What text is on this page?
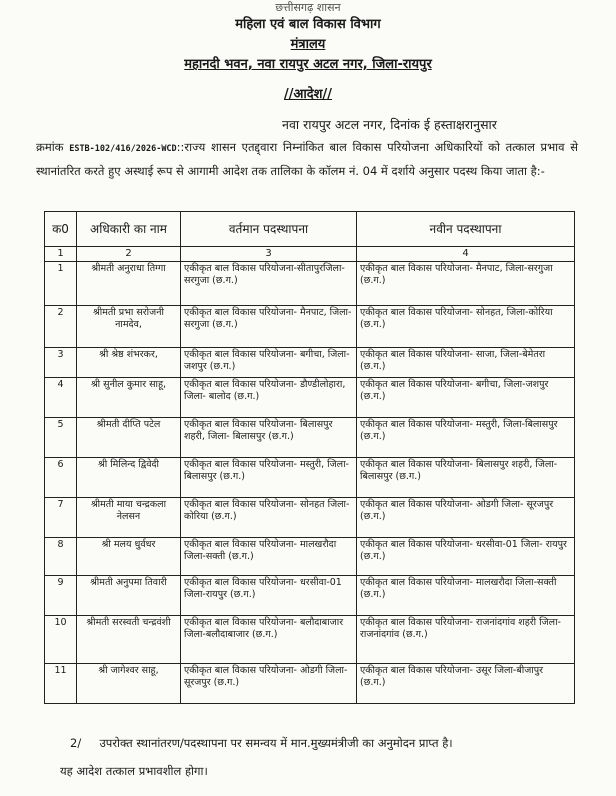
छत्तीसगढ़ शासन
महिला एवं बाल विकास विभाग
मंत्रालय
महानदी भवन, नवा रायपुर अटल नगर, जिला-रायपुर
//आदेश//
नवा रायपुर अटल नगर, दिनांक ई हस्ताक्षरानुसार
क्रमांक ESTB-102/416/2026-WCD::राज्य शासन एतद्द्वारा निम्नांकित बाल विकास परियोजना अधिकारियों को तत्काल प्रभाव से स्थानांतरित करते हुए अस्थाई रूप से आगामी आदेश तक तालिका के कॉलम नं. 04 में दर्शाये अनुसार पदस्थ किया जाता है:-
क0	अधिकारी का नाम	वर्तमान पदस्थापना	नवीन पदस्थापना
1	2	3	4
1	श्रीमती अनुराधा तिग्गा	एकीकृत बाल विकास परियोजना-सीतापुरजिला- सरगुजा (छ.ग.)	एकीकृत बाल विकास परियोजना- मैनपाट, जिला-सरगुजा (छ.ग.)
2	श्रीमती प्रभा सरोजनी नामदेव,	एकीकृत बाल विकास परियोजना- मैनपाट, जिला-सरगुजा (छ.ग.)	एकीकृत बाल विकास परियोजना- सोनहत, जिला-कोरिया (छ.ग.)
3	श्री श्रेष्ठ शंभरकर,	एकीकृत बाल विकास परियोजना- बगीचा, जिला-जशपुर (छ.ग.)	एकीकृत बाल विकास परियोजना- साजा, जिला-बेमेतरा (छ.ग.)
4	श्री सुनील कुमार साहू,	एकीकृत बाल विकास परियोजना- डौण्डीलोहारा, जिला- बालोद (छ.ग.)	एकीकृत बाल विकास परियोजना- बगीचा, जिला-जशपुर (छ.ग.)
5	श्रीमती दीप्ति पटेल	एकीकृत बाल विकास परियोजना- बिलासपुर शहरी, जिला- बिलासपुर (छ.ग.)	एकीकृत बाल विकास परियोजना- मस्तुरी, जिला-बिलासपुर (छ.ग.)
6	श्री मिलिन्द द्विवेदी	एकीकृत बाल विकास परियोजना- मस्तुरी, जिला-बिलासपुर (छ.ग.)	एकीकृत बाल विकास परियोजना- बिलासपुर शहरी, जिला- बिलासपुर (छ.ग.)
7	श्रीमती माया चन्द्रकला नेलसन	एकीकृत बाल विकास परियोजना- सोनहत जिला-कोरिया (छ.ग.)	एकीकृत बाल विकास परियोजना- ओडगी जिला- सूरजपुर (छ.ग.)
8	श्री मलय धुर्वधर	एकीकृत बाल विकास परियोजना- मालखरौदा जिला-सक्ती (छ.ग.)	एकीकृत बाल विकास परियोजना- धरसीवा-01 जिला- रायपुर (छ.ग.)
9	श्रीमती अनुपमा तिवारी	एकीकृत बाल विकास परियोजना- धरसीवा-01 जिला-रायपुर (छ.ग.)	एकीकृत बाल विकास परियोजना- मालखरौदा जिला-सक्ती (छ.ग.)
10	श्रीमती सरस्वती चन्द्रवंशी	एकीकृत बाल विकास परियोजना- बलौदाबाजार जिला-बलौदाबाजार (छ.ग.)	एकीकृत बाल विकास परियोजना- राजनांदगांव शहरी जिला- राजनांदगांव (छ.ग.)
11	श्री जागेश्वर साहू,	एकीकृत बाल विकास परियोजना- ओडगी जिला-सूरजपुर (छ.ग.)	एकीकृत बाल विकास परियोजना- उसूर जिला-बीजापुर (छ.ग.)
2/ उपरोक्त स्थानांतरण/पदस्थापना पर समन्वय में मान.मुख्यमंत्रीजी का अनुमोदन प्राप्त है।
यह आदेश तत्काल प्रभावशील होगा।
